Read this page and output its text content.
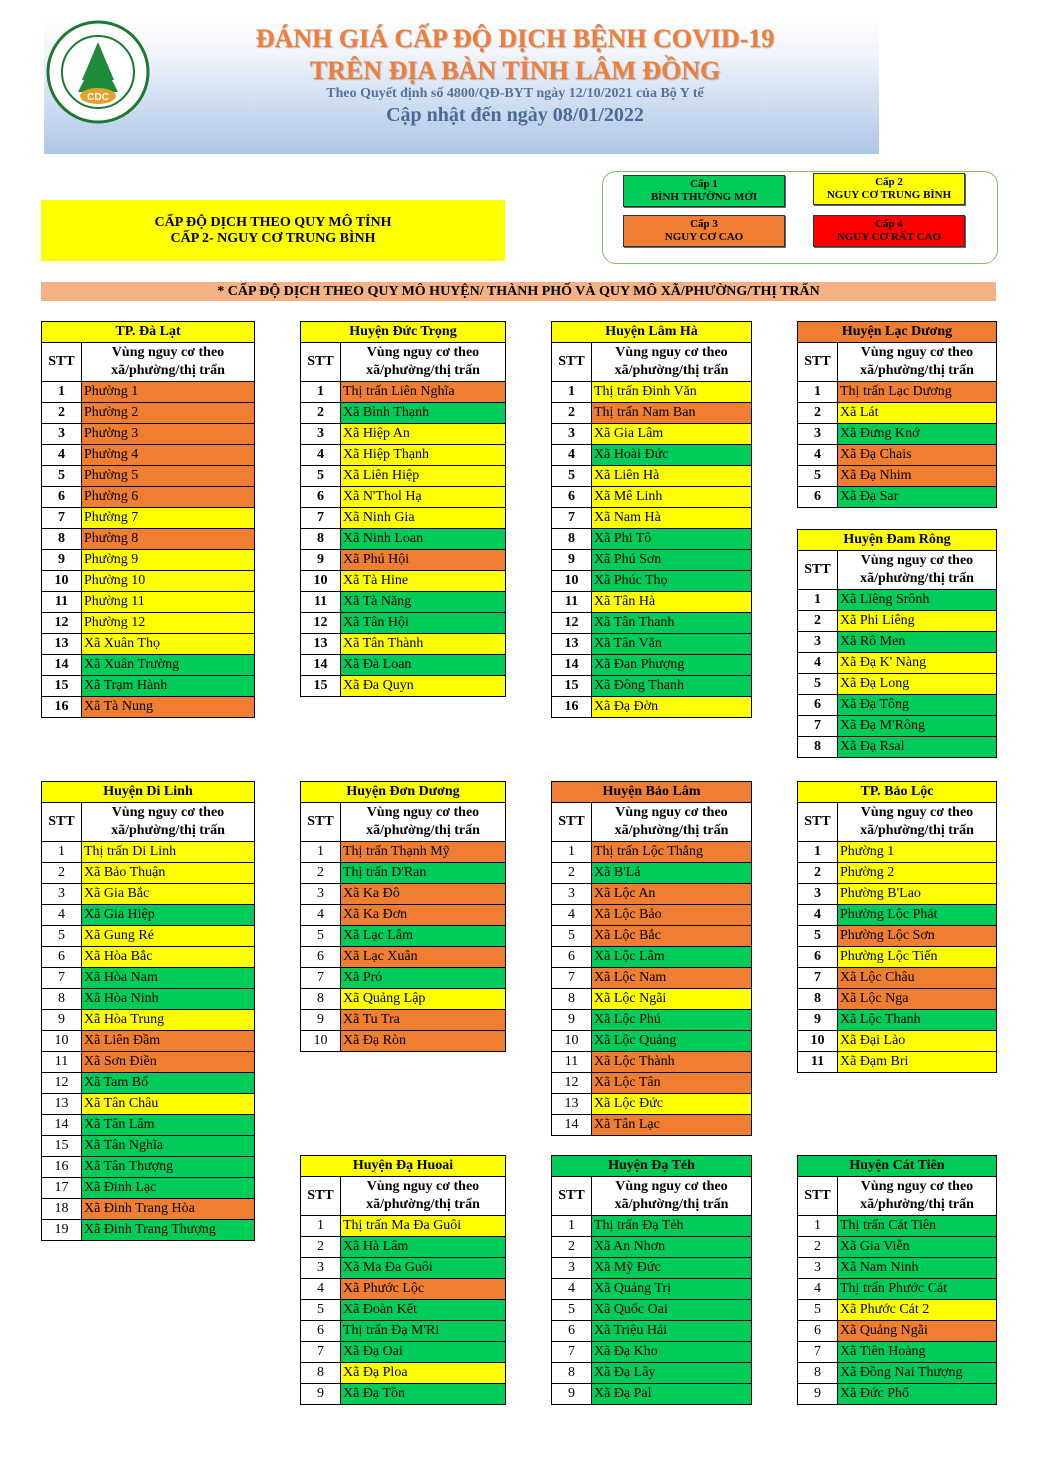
CDC
ĐÁNH GIÁ CẤP ĐỘ DỊCH BỆNH COVID-19
TRÊN ĐỊA BÀN TỈNH LÂM ĐỒNG
Theo Quyết định số 4800/QĐ-BYT ngày 12/10/2021 của Bộ Y tế
Cập nhật đến ngày 08/01/2022
CẤP ĐỘ DỊCH THEO QUY MÔ TỈNH
CẤP 2- NGUY CƠ TRUNG BÌNH
Cấp 1
BÌNH THƯỜNG MỚI
Cấp 2
NGUY CƠ TRUNG BÌNH
Cấp 3
NGUY CƠ CAO
Cấp 4
NGUY CƠ RẤT CAO
* CẤP ĐỘ DỊCH THEO QUY MÔ HUYỆN/ THÀNH PHỐ VÀ QUY MÔ XÃ/PHƯỜNG/THỊ TRẤN
TP. Đà Lạt	
STT	Vùng nguy cơ theo
xã/phường/thị trấn
1	Phường 1
2	Phường 2
3	Phường 3
4	Phường 4
5	Phường 5
6	Phường 6
7	Phường 7
8	Phường 8
9	Phường 9
10	Phường 10
11	Phường 11
12	Phường 12
13	Xã Xuân Thọ
14	Xã Xuân Trường
15	Xã Trạm Hành
16	Xã Tà Nung
Huyện Đức Trọng	
STT	Vùng nguy cơ theo
xã/phường/thị trấn
1	Thị trấn Liên Nghĩa
2	Xã Bình Thạnh
3	Xã Hiệp An
4	Xã Hiệp Thạnh
5	Xã Liên Hiệp
6	Xã N'Thol Hạ
7	Xã Ninh Gia
8	Xã Ninh Loan
9	Xã Phú Hội
10	Xã Tà Hine
11	Xã Tà Năng
12	Xã Tân Hội
13	Xã Tân Thành
14	Xã Đà Loan
15	Xã Đa Quyn
Huyện Lâm Hà	
STT	Vùng nguy cơ theo
xã/phường/thị trấn
1	Thị trấn Đinh Văn
2	Thị trấn Nam Ban
3	Xã Gia Lâm
4	Xã Hoài Đức
5	Xã Liên Hà
6	Xã Mê Linh
7	Xã Nam Hà
8	Xã Phi Tô
9	Xã Phú Sơn
10	Xã Phúc Thọ
11	Xã Tân Hà
12	Xã Tân Thanh
13	Xã Tân Văn
14	Xã Đan Phượng
15	Xã Đông Thanh
16	Xã Đạ Đờn
Huyện Lạc Dương	
STT	Vùng nguy cơ theo
xã/phường/thị trấn
1	Thị trấn Lạc Dương
2	Xã Lát
3	Xã Đưng Knớ
4	Xã Đạ Chais
5	Xã Đạ Nhim
6	Xã Đạ Sar
Huyện Đam Rông	
STT	Vùng nguy cơ theo
xã/phường/thị trấn
1	Xã Liêng Srônh
2	Xã Phi Liêng
3	Xã Rô Men
4	Xã Đạ K' Nàng
5	Xã Đạ Long
6	Xã Đạ Tông
7	Xã Đạ M'Rông
8	Xã Đạ Rsal
Huyện Di Linh	
STT	Vùng nguy cơ theo
xã/phường/thị trấn
1	Thị trấn Di Linh
2	Xã Bảo Thuận
3	Xã Gia Bắc
4	Xã Gia Hiệp
5	Xã Gung Ré
6	Xã Hòa Bắc
7	Xã Hòa Nam
8	Xã Hòa Ninh
9	Xã Hòa Trung
10	Xã Liên Đầm
11	Xã Sơn Điền
12	Xã Tam Bố
13	Xã Tân Châu
14	Xã Tân Lâm
15	Xã Tân Nghĩa
16	Xã Tân Thượng
17	Xã Đinh Lạc
18	Xã Đinh Trang Hòa
19	Xã Đinh Trang Thượng
Huyện Đơn Dương	
STT	Vùng nguy cơ theo
xã/phường/thị trấn
1	Thị trấn Thạnh Mỹ
2	Thị trấn D'Ran
3	Xã Ka Đô
4	Xã Ka Đơn
5	Xã Lạc Lâm
6	Xã Lạc Xuân
7	Xã Pró
8	Xã Quảng Lập
9	Xã Tu Tra
10	Xã Đạ Ròn
Huyện Bảo Lâm	
STT	Vùng nguy cơ theo
xã/phường/thị trấn
1	Thị trấn Lộc Thắng
2	Xã B'Lá
3	Xã Lộc An
4	Xã Lộc Bảo
5	Xã Lộc Bắc
6	Xã Lộc Lâm
7	Xã Lộc Nam
8	Xã Lộc Ngãi
9	Xã Lộc Phú
10	Xã Lộc Quảng
11	Xã Lộc Thành
12	Xã Lộc Tân
13	Xã Lộc Đức
14	Xã Tân Lạc
TP. Bảo Lộc	
STT	Vùng nguy cơ theo
xã/phường/thị trấn
1	Phường 1
2	Phường 2
3	Phường B'Lao
4	Phường Lộc Phát
5	Phường Lộc Sơn
6	Phường Lộc Tiến
7	Xã Lộc Châu
8	Xã Lộc Nga
9	Xã Lộc Thanh
10	Xã Đại Lào
11	Xã Đạm Bri
Huyện Đạ Huoai	
STT	Vùng nguy cơ theo
xã/phường/thị trấn
1	Thị trấn Ma Đa Guôi
2	Xã Hà Lâm
3	Xã Ma Đa Guôi
4	Xã Phước Lộc
5	Xã Đoàn Kết
6	Thị trấn Đạ M'Ri
7	Xã Đạ Oai
8	Xã Đạ Ploa
9	Xã Đạ Tồn
Huyện Đạ Tẻh	
STT	Vùng nguy cơ theo
xã/phường/thị trấn
1	Thị trấn Đạ Tẻh
2	Xã An Nhơn
3	Xã Mỹ Đức
4	Xã Quảng Trị
5	Xã Quốc Oai
6	Xã Triệu Hải
7	Xã Đạ Kho
8	Xã Đạ Lây
9	Xã Đạ Pal
Huyện Cát Tiên	
STT	Vùng nguy cơ theo
xã/phường/thị trấn
1	Thị trấn Cát Tiên
2	Xã Gia Viễn
3	Xã Nam Ninh
4	Thị trấn Phước Cát
5	Xã Phước Cát 2
6	Xã Quảng Ngãi
7	Xã Tiên Hoàng
8	Xã Đồng Nai Thượng
9	Xã Đức Phổ
